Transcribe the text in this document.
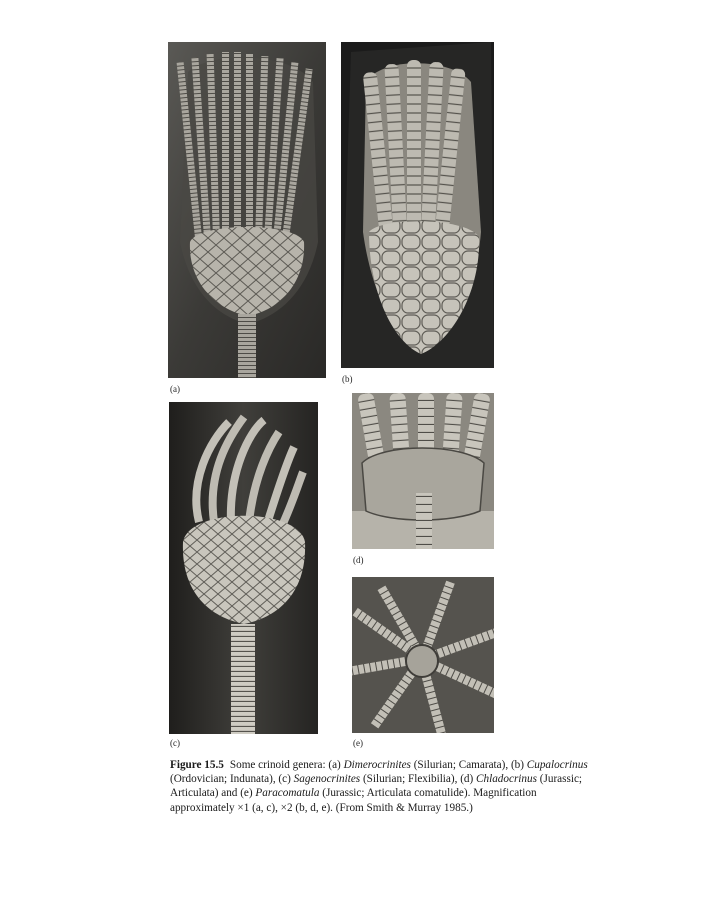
(a)
(b)
(c)
(d)
(e)
Figure 15.5 Some crinoid genera: (a) Dimerocrinites (Silurian; Camarata), (b) Cupalocrinus (Ordovician; Indunata), (c) Sagenocrinites (Silurian; Flexibilia), (d) Chladocrinus (Jurassic; Articulata) and (e) Paracomatula (Jurassic; Articulata comatulide). Magnification approximately ×1 (a, c), ×2 (b, d, e). (From Smith & Murray 1985.)
